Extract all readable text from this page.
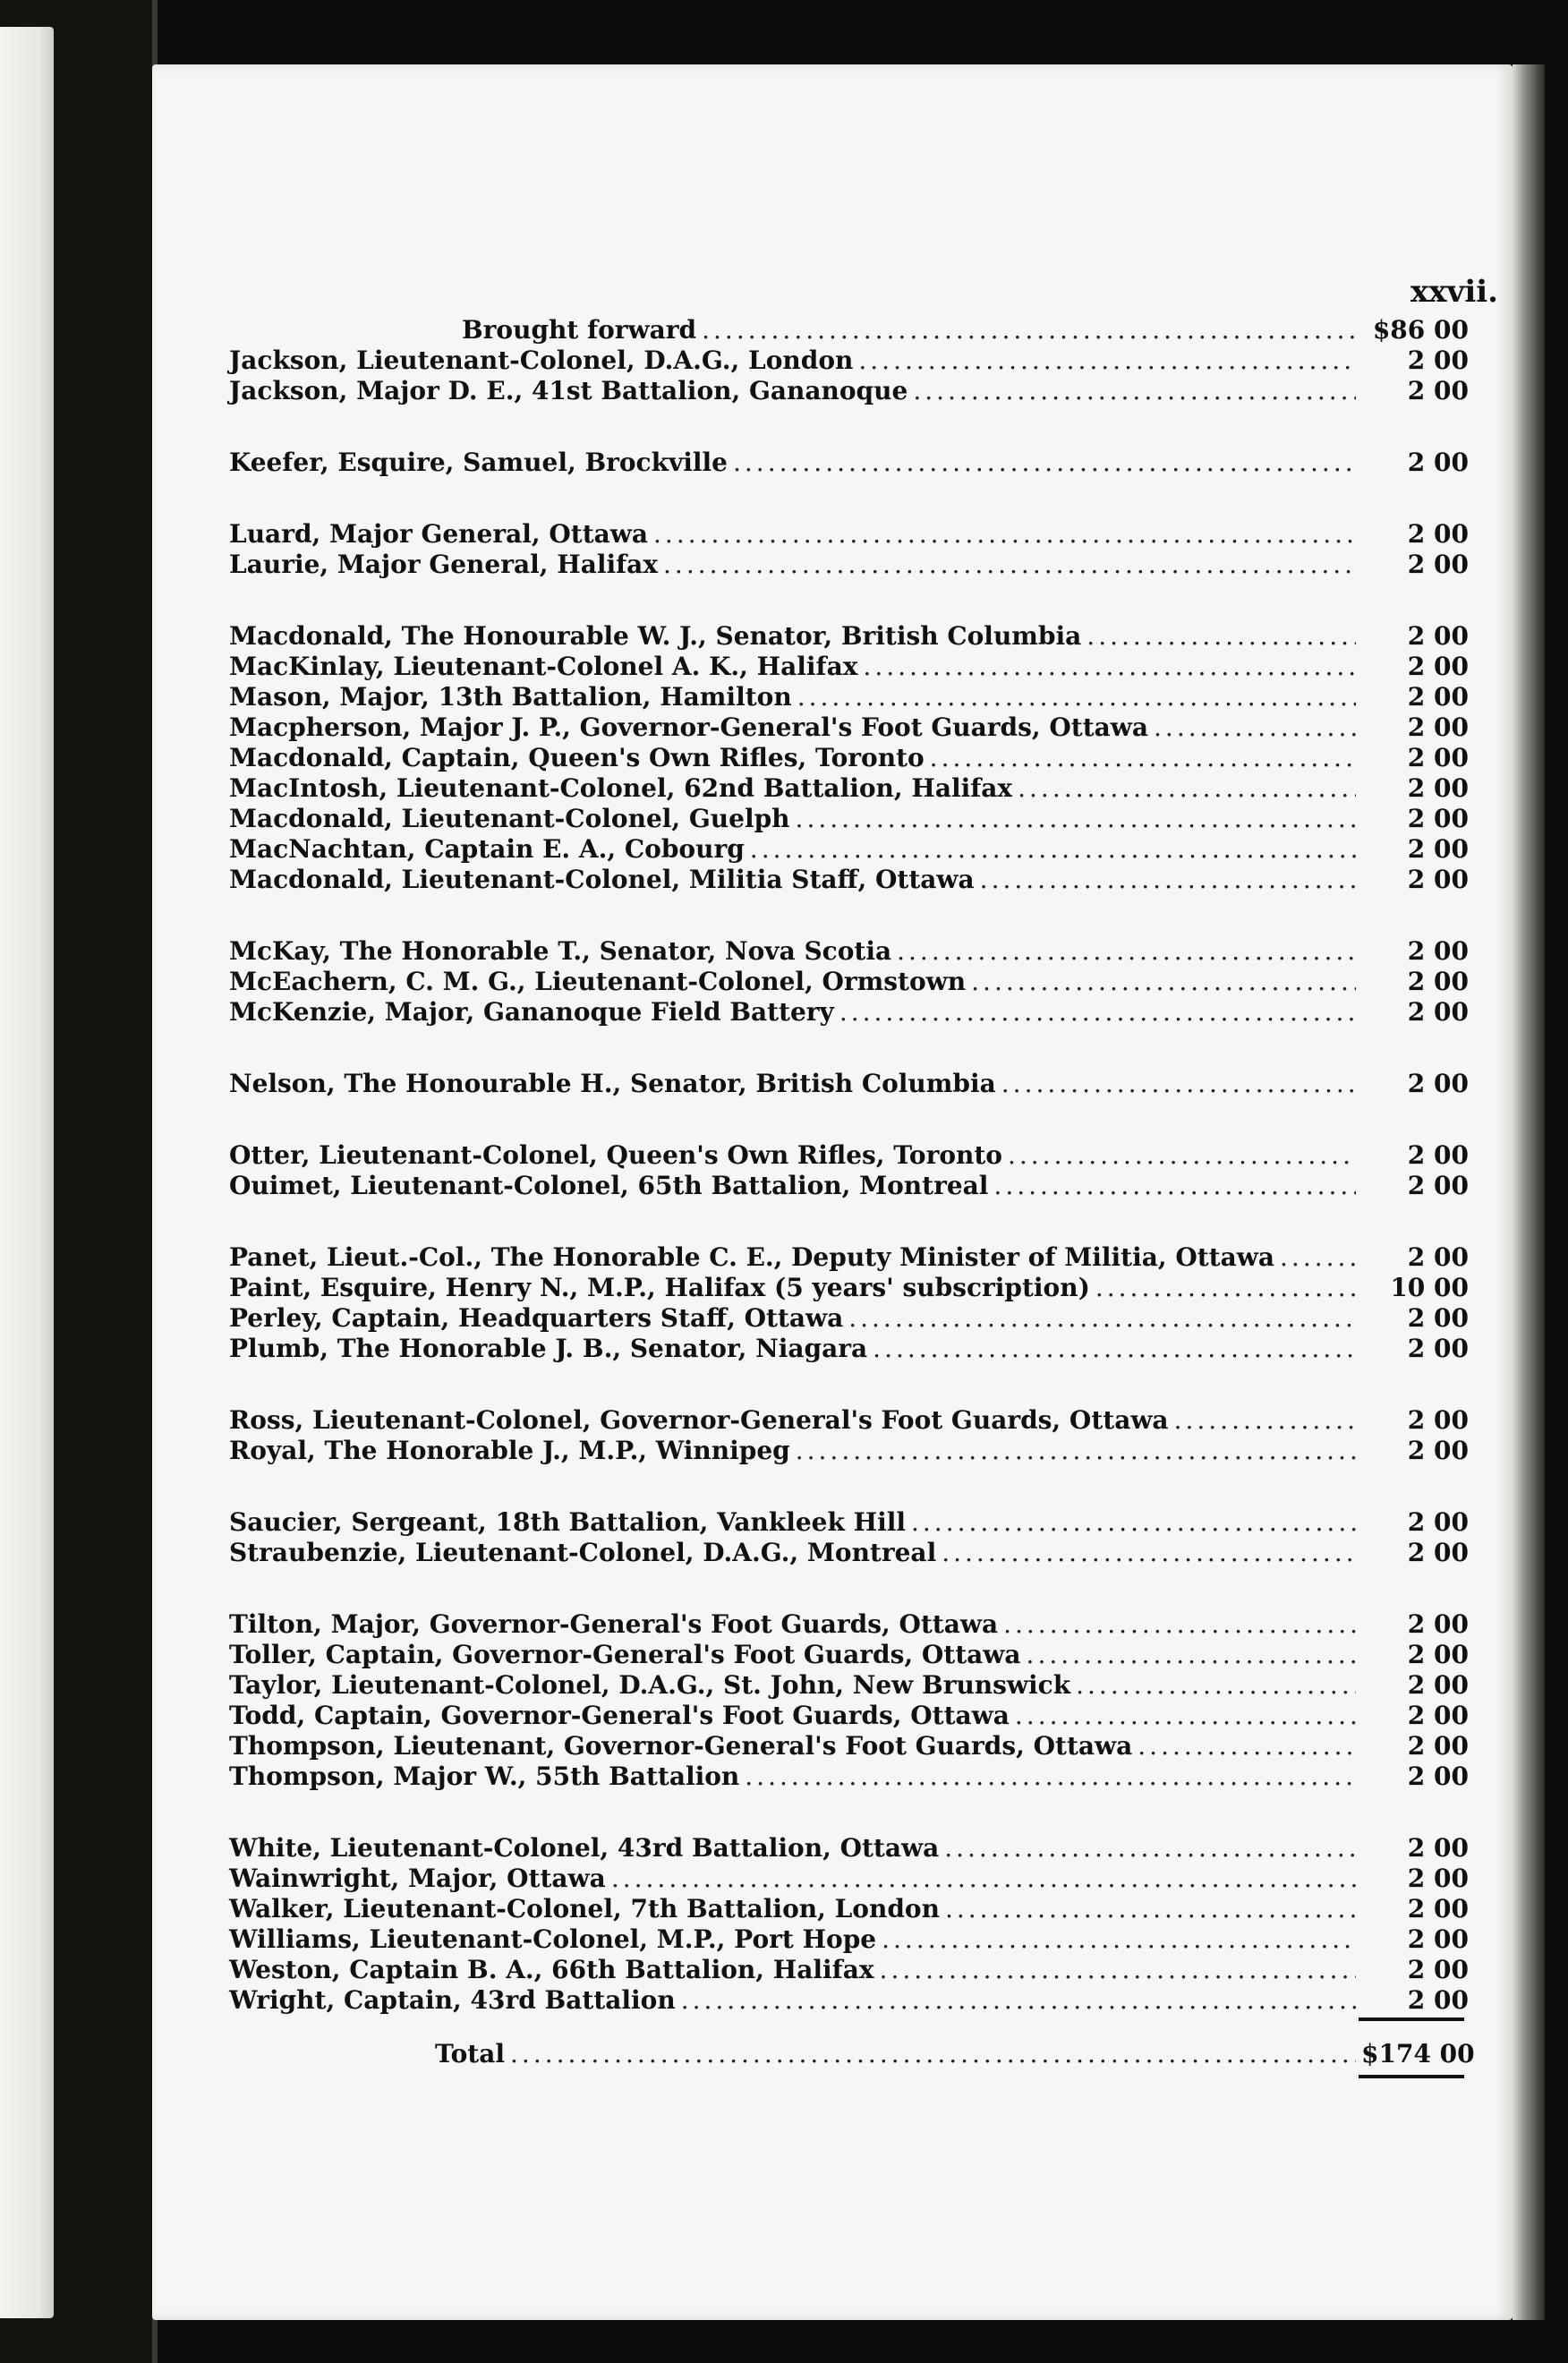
xxvii.
Brought forward .....	$86 00
Jackson, Lieutenant-Colonel, D.A.G., London .....	2 00
Jackson, Major D. E., 41st Battalion, Gananoque .....	2 00
Keefer, Esquire, Samuel, Brockville .....	2 00
Luard, Major General, Ottawa .....	2 00
Laurie, Major General, Halifax .....	2 00
Macdonald, The Honourable W. J., Senator, British Columbia .....	2 00
MacKinlay, Lieutenant-Colonel A. K., Halifax .....	2 00
Mason, Major, 13th Battalion, Hamilton .....	2 00
Macpherson, Major J. P., Governor-General's Foot Guards, Ottawa .....	2 00
Macdonald, Captain, Queen's Own Rifles, Toronto .....	2 00
MacIntosh, Lieutenant-Colonel, 62nd Battalion, Halifax .....	2 00
Macdonald, Lieutenant-Colonel, Guelph .....	2 00
MacNachtan, Captain E. A., Cobourg .....	2 00
Macdonald, Lieutenant-Colonel, Militia Staff, Ottawa .....	2 00
McKay, The Honorable T., Senator, Nova Scotia .....	2 00
McEachern, C. M. G., Lieutenant-Colonel, Ormstown .....	2 00
McKenzie, Major, Gananoque Field Battery .....	2 00
Nelson, The Honourable H., Senator, British Columbia .....	2 00
Otter, Lieutenant-Colonel, Queen's Own Rifles, Toronto .....	2 00
Ouimet, Lieutenant-Colonel, 65th Battalion, Montreal .....	2 00
Panet, Lieut.-Col., The Honorable C. E., Deputy Minister of Militia, Ottawa .....	2 00
Paint, Esquire, Henry N., M.P., Halifax (5 years' subscription) .....	10 00
Perley, Captain, Headquarters Staff, Ottawa .....	2 00
Plumb, The Honorable J. B., Senator, Niagara .....	2 00
Ross, Lieutenant-Colonel, Governor-General's Foot Guards, Ottawa .....	2 00
Royal, The Honorable J., M.P., Winnipeg .....	2 00
Saucier, Sergeant, 18th Battalion, Vankleek Hill .....	2 00
Straubenzie, Lieutenant-Colonel, D.A.G., Montreal .....	2 00
Tilton, Major, Governor-General's Foot Guards, Ottawa .....	2 00
Toller, Captain, Governor-General's Foot Guards, Ottawa .....	2 00
Taylor, Lieutenant-Colonel, D.A.G., St. John, New Brunswick .....	2 00
Todd, Captain, Governor-General's Foot Guards, Ottawa .....	2 00
Thompson, Lieutenant, Governor-General's Foot Guards, Ottawa .....	2 00
Thompson, Major W., 55th Battalion .....	2 00
White, Lieutenant-Colonel, 43rd Battalion, Ottawa .....	2 00
Wainwright, Major, Ottawa .....	2 00
Walker, Lieutenant-Colonel, 7th Battalion, London .....	2 00
Williams, Lieutenant-Colonel, M.P., Port Hope .....	2 00
Weston, Captain B. A., 66th Battalion, Halifax .....	2 00
Wright, Captain, 43rd Battalion .....	2 00
Total .....	$174 00
